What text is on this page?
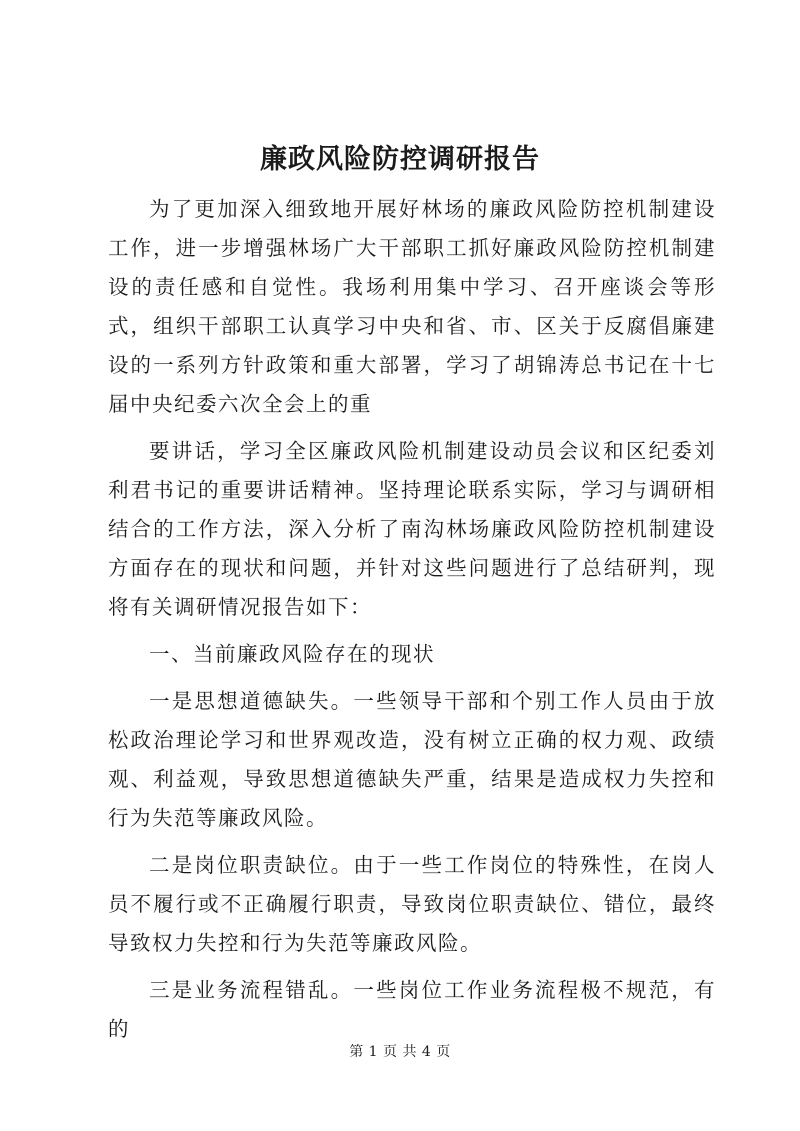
廉政风险防控调研报告

为了更加深入细致地开展好林场的廉政风险防控机制建设工作，进一步增强林场广大干部职工抓好廉政风险防控机制建设的责任感和自觉性。我场利用集中学习、召开座谈会等形式，组织干部职工认真学习中央和省、市、区关于反腐倡廉建设的一系列方针政策和重大部署，学习了胡锦涛总书记在十七届中央纪委六次全会上的重

要讲话，学习全区廉政风险机制建设动员会议和区纪委刘利君书记的重要讲话精神。坚持理论联系实际，学习与调研相结合的工作方法，深入分析了南沟林场廉政风险防控机制建设方面存在的现状和问题，并针对这些问题进行了总结研判，现将有关调研情况报告如下：

一、当前廉政风险存在的现状

一是思想道德缺失。一些领导干部和个别工作人员由于放松政治理论学习和世界观改造，没有树立正确的权力观、政绩观、利益观，导致思想道德缺失严重，结果是造成权力失控和行为失范等廉政风险。

二是岗位职责缺位。由于一些工作岗位的特殊性，在岗人员不履行或不正确履行职责，导致岗位职责缺位、错位，最终导致权力失控和行为失范等廉政风险。

三是业务流程错乱。一些岗位工作业务流程极不规范，有的

第 1 页 共 4 页
